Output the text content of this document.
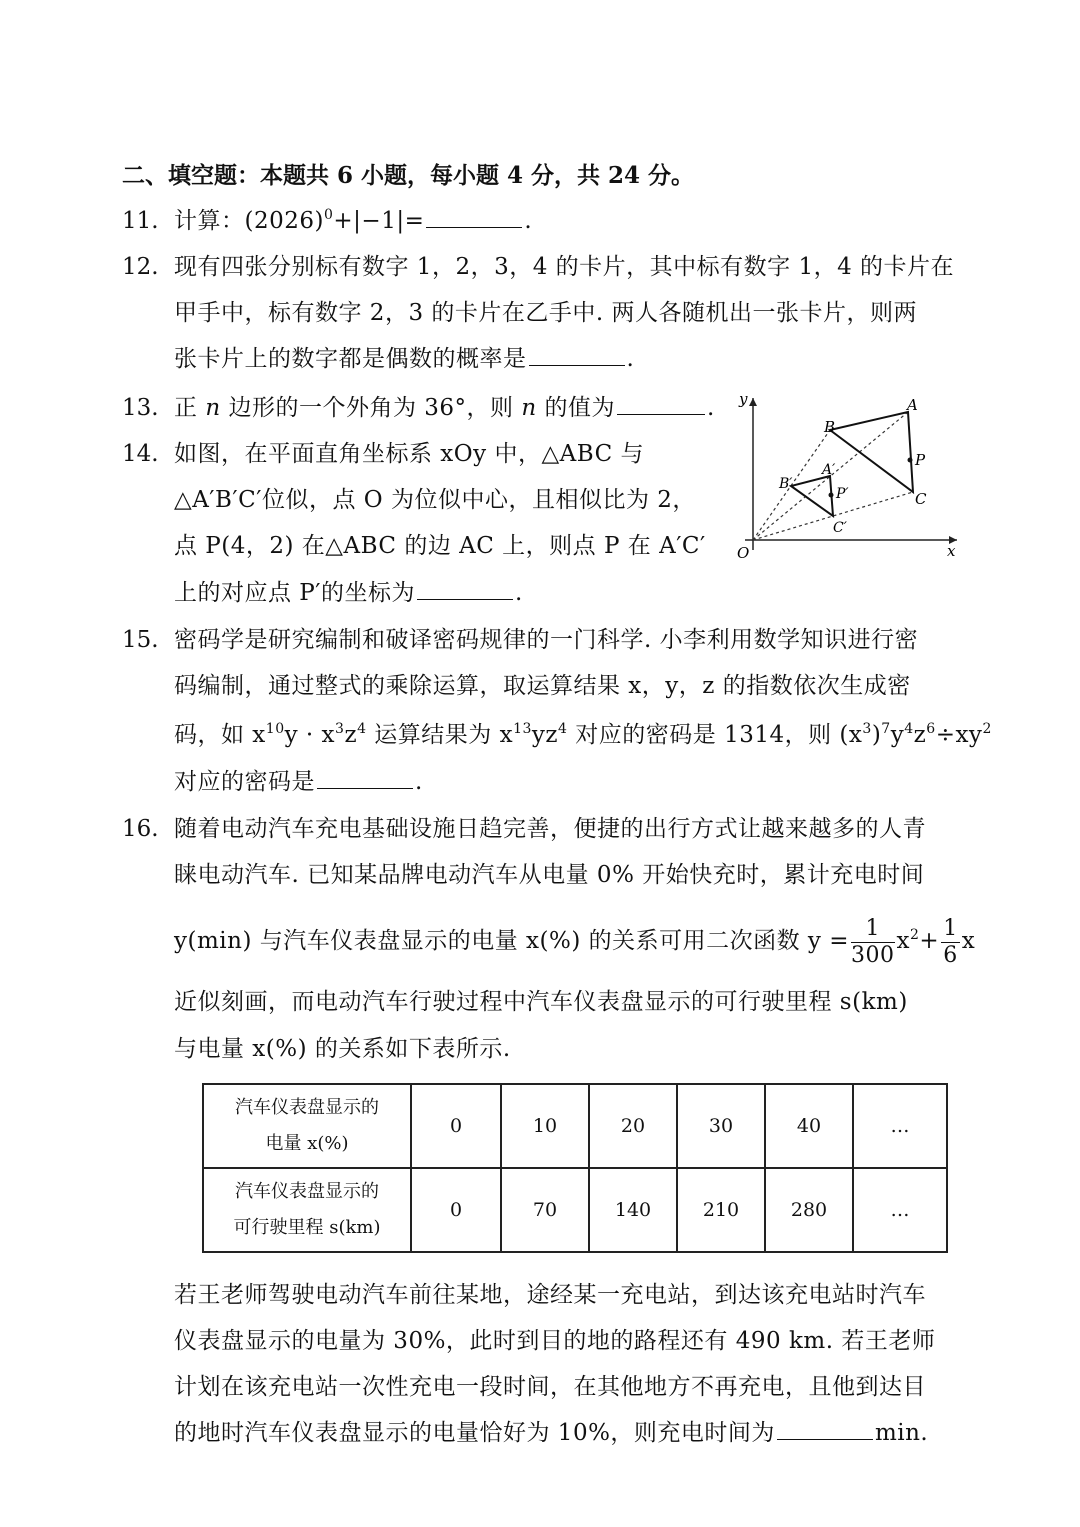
二、填空题：本题共 6 小题，每小题 4 分，共 24 分。
11. 计算：$(2026)^0+|-1|=$	.
12. 现有四张分别标有数字 1，2，3，4 的卡片，其中标有数字 1，4 的卡片在
甲手中，标有数字 2，3 的卡片在乙手中. 两人各随机出一张卡片，则两
张卡片上的数字都是偶数的概率是	.
13. 正 n 边形的一个外角为 36°，则 n 的值为	.
14. 如图，在平面直角坐标系 xOy 中，△ABC 与
△A′B′C′位似，点 O 为位似中心，且相似比为 2，
点 P(4，2) 在△ABC 的边 AC 上，则点 P 在 A′C′
上的对应点 P′的坐标为	.
y
x
O
A
B
C
P
A′
B′
C′
P′
15. 密码学是研究编制和破译密码规律的一门科学. 小李利用数学知识进行密
码编制，通过整式的乘除运算，取运算结果 x，y，z 的指数依次生成密
码，如 $x^{10}y \cdot x^3z^4$ 运算结果为 $x^{13}yz^4$ 对应的密码是 1314，则 $(x^3)^7y^4z^6\div xy^2$
对应的密码是	.
16. 随着电动汽车充电基础设施日趋完善，便捷的出行方式让越来越多的人青
睐电动汽车. 已知某品牌电动汽车从电量 0% 开始快充时，累计充电时间
y(min) 与汽车仪表盘显示的电量 x(%) 的关系可用二次函数 $y = \frac{1}{300} x^2+ \frac{1}{6}$ x
近似刻画，而电动汽车行驶过程中汽车仪表盘显示的可行驶里程 s(km)
与电量 x(%) 的关系如下表所示.
汽车仪表盘显示的
电量 x(%)	0	10	20	30	40	…

汽车仪表盘显示的
可行驶里程 s(km)	0	70	140	210	280	…
若王老师驾驶电动汽车前往某地，途经某一充电站，到达该充电站时汽车
仪表盘显示的电量为 30%，此时到目的地的路程还有 490 km. 若王老师
计划在该充电站一次性充电一段时间，在其他地方不再充电，且他到达目
的地时汽车仪表盘显示的电量恰好为 10%，则充电时间为	min.
